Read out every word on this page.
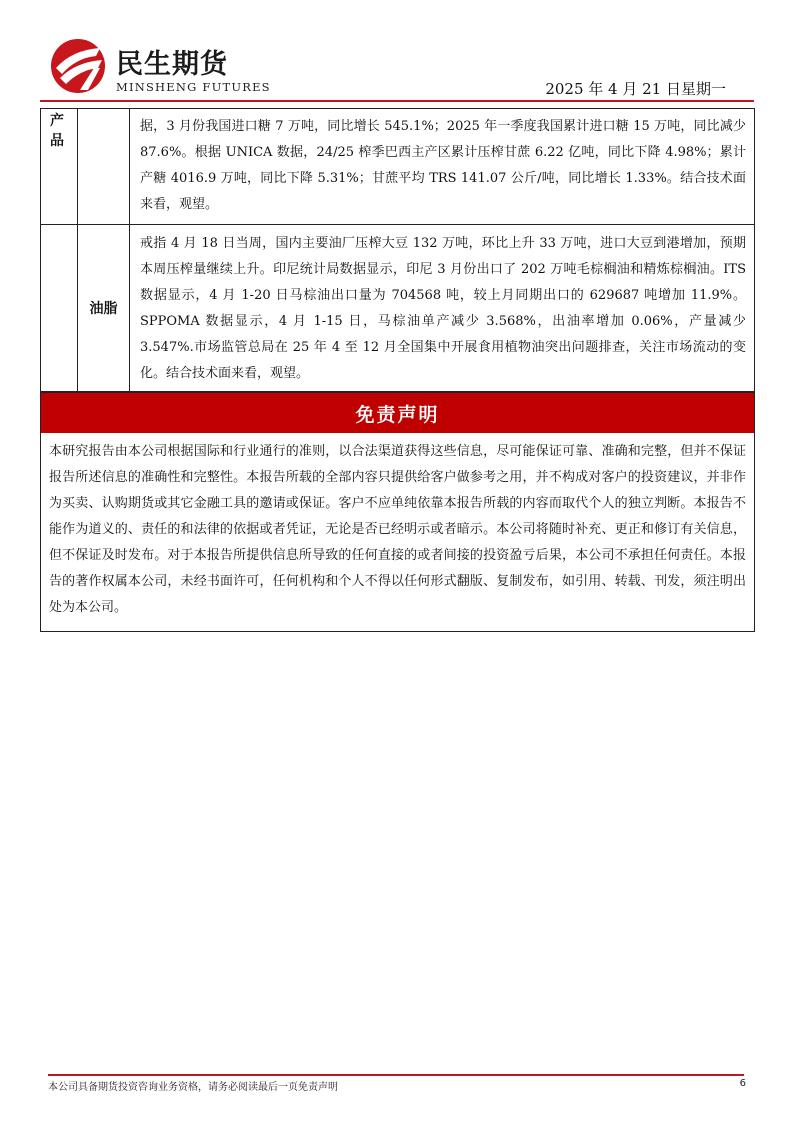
民生期货
MINSHENG FUTURES	2025 年 4 月 21 日星期一
产
品
据，3 月份我国进口糖 7 万吨，同比增长 545.1%；2025 年一季度我国累计进口糖 15 万吨，同比减少 87.6%。根据 UNICA 数据，24/25 榨季巴西主产区累计压榨甘蔗 6.22 亿吨，同比下降 4.98%；累计产糖 4016.9 万吨，同比下降 5.31%；甘蔗平均 TRS 141.07 公斤/吨，同比增长 1.33%。结合技术面来看，观望。
油脂
戒指 4 月 18 日当周，国内主要油厂压榨大豆 132 万吨，环比上升 33 万吨，进口大豆到港增加，预期本周压榨量继续上升。印尼统计局数据显示，印尼 3 月份出口了 202 万吨毛棕榈油和精炼棕榈油。ITS 数据显示，4 月 1-20 日马棕油出口量为 704568 吨，较上月同期出口的 629687 吨增加 11.9%。SPPOMA 数据显示，4 月 1-15 日，马棕油单产减少 3.568%，出油率增加 0.06%，产量减少 3.547%.市场监管总局在 25 年 4 至 12 月全国集中开展食用植物油突出问题排查，关注市场流动的变化。结合技术面来看，观望。
免责声明
本研究报告由本公司根据国际和行业通行的准则，以合法渠道获得这些信息，尽可能保证可靠、准确和完整，但并不保证报告所述信息的准确性和完整性。本报告所载的全部内容只提供给客户做参考之用，并不构成对客户的投资建议，并非作为买卖、认购期货或其它金融工具的邀请或保证。客户不应单纯依靠本报告所载的内容而取代个人的独立判断。本报告不能作为道义的、责任的和法律的依据或者凭证，无论是否已经明示或者暗示。本公司将随时补充、更正和修订有关信息，但不保证及时发布。对于本报告所提供信息所导致的任何直接的或者间接的投资盈亏后果，本公司不承担任何责任。本报告的著作权属本公司，未经书面许可，任何机构和个人不得以任何形式翻版、复制发布，如引用、转载、刊发，须注明出处为本公司。
本公司具备期货投资咨询业务资格，请务必阅读最后一页免责声明	6
